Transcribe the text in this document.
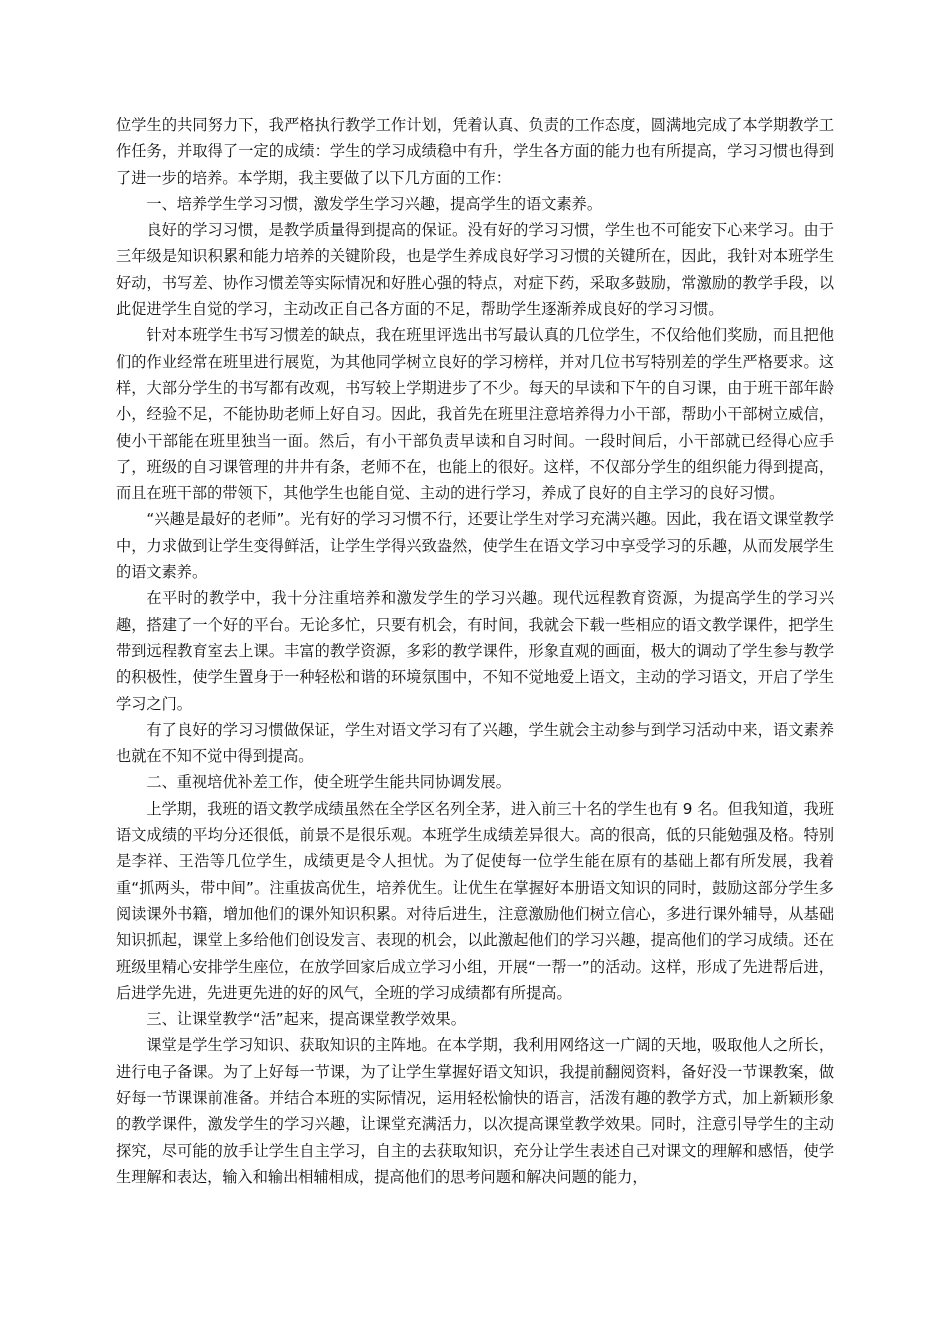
位学生的共同努力下，我严格执行教学工作计划，凭着认真、负责的工作态度，圆满地完成了本学期教学工作任务，并取得了一定的成绩：学生的学习成绩稳中有升，学生各方面的能力也有所提高，学习习惯也得到了进一步的培养。本学期，我主要做了以下几方面的工作：

一、培养学生学习习惯，激发学生学习兴趣，提高学生的语文素养。

良好的学习习惯，是教学质量得到提高的保证。没有好的学习习惯，学生也不可能安下心来学习。由于三年级是知识积累和能力培养的关键阶段，也是学生养成良好学习习惯的关键所在，因此，我针对本班学生好动，书写差、协作习惯差等实际情况和好胜心强的特点，对症下药，采取多鼓励，常激励的教学手段，以此促进学生自觉的学习，主动改正自己各方面的不足，帮助学生逐渐养成良好的学习习惯。

针对本班学生书写习惯差的缺点，我在班里评选出书写最认真的几位学生，不仅给他们奖励，而且把他们的作业经常在班里进行展览，为其他同学树立良好的学习榜样，并对几位书写特别差的学生严格要求。这样，大部分学生的书写都有改观，书写较上学期进步了不少。每天的早读和下午的自习课，由于班干部年龄小，经验不足，不能协助老师上好自习。因此，我首先在班里注意培养得力小干部，帮助小干部树立威信，使小干部能在班里独当一面。然后，有小干部负责早读和自习时间。一段时间后，小干部就已经得心应手了，班级的自习课管理的井井有条，老师不在，也能上的很好。这样，不仅部分学生的组织能力得到提高，而且在班干部的带领下，其他学生也能自觉、主动的进行学习，养成了良好的自主学习的良好习惯。

“兴趣是最好的老师”。光有好的学习习惯不行，还要让学生对学习充满兴趣。因此，我在语文课堂教学中，力求做到让学生变得鲜活，让学生学得兴致盎然，使学生在语文学习中享受学习的乐趣，从而发展学生的语文素养。

在平时的教学中，我十分注重培养和激发学生的学习兴趣。现代远程教育资源，为提高学生的学习兴趣，搭建了一个好的平台。无论多忙，只要有机会，有时间，我就会下载一些相应的语文教学课件，把学生带到远程教育室去上课。丰富的教学资源，多彩的教学课件，形象直观的画面，极大的调动了学生参与教学的积极性，使学生置身于一种轻松和谐的环境氛围中，不知不觉地爱上语文，主动的学习语文，开启了学生学习之门。

有了良好的学习习惯做保证，学生对语文学习有了兴趣，学生就会主动参与到学习活动中来，语文素养也就在不知不觉中得到提高。

二、重视培优补差工作，使全班学生能共同协调发展。

上学期，我班的语文教学成绩虽然在全学区名列全茅，进入前三十名的学生也有 9 名。但我知道，我班语文成绩的平均分还很低，前景不是很乐观。本班学生成绩差异很大。高的很高，低的只能勉强及格。特别是李祥、王浩等几位学生，成绩更是令人担忧。为了促使每一位学生能在原有的基础上都有所发展，我着重“抓两头，带中间”。注重拔高优生，培养优生。让优生在掌握好本册语文知识的同时，鼓励这部分学生多阅读课外书籍，增加他们的课外知识积累。对待后进生，注意激励他们树立信心，多进行课外辅导，从基础知识抓起，课堂上多给他们创设发言、表现的机会，以此激起他们的学习兴趣，提高他们的学习成绩。还在班级里精心安排学生座位，在放学回家后成立学习小组，开展“一帮一”的活动。这样，形成了先进帮后进，后进学先进，先进更先进的好的风气，全班的学习成绩都有所提高。

三、让课堂教学“活”起来，提高课堂教学效果。

课堂是学生学习知识、获取知识的主阵地。在本学期，我利用网络这一广阔的天地，吸取他人之所长，进行电子备课。为了上好每一节课，为了让学生掌握好语文知识，我提前翻阅资料，备好没一节课教案，做好每一节课课前准备。并结合本班的实际情况，运用轻松愉快的语言，活泼有趣的教学方式，加上新颖形象的教学课件，激发学生的学习兴趣，让课堂充满活力，以次提高课堂教学效果。同时，注意引导学生的主动探究，尽可能的放手让学生自主学习，自主的去获取知识，充分让学生表述自己对课文的理解和感悟，使学生理解和表达，输入和输出相辅相成，提高他们的思考问题和解决问题的能力，
